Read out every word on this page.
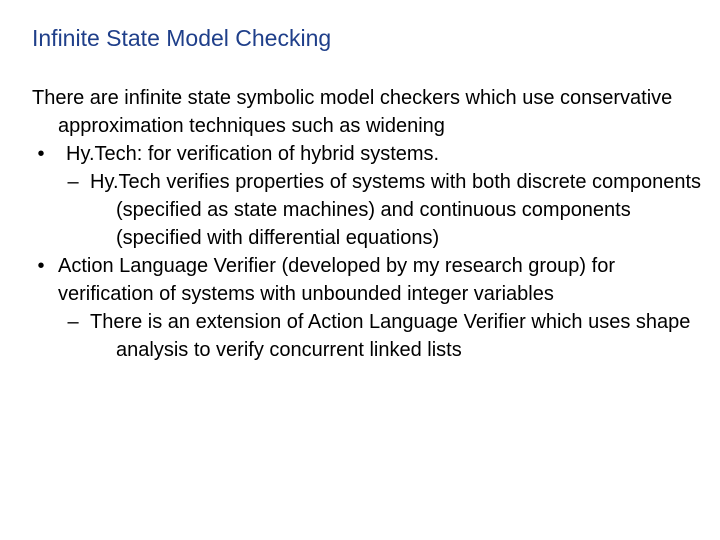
Infinite State Model Checking
There are infinite state symbolic model checkers which use conservative approximation techniques such as widening
•	Hy.Tech: for verification of hybrid systems.
– Hy.Tech verifies properties of systems with both discrete components (specified as state machines) and continuous components (specified with differential equations)
• Action Language Verifier (developed by my research group) for verification of systems with unbounded integer variables
– There is an extension of Action Language Verifier which uses shape analysis to verify concurrent linked lists
